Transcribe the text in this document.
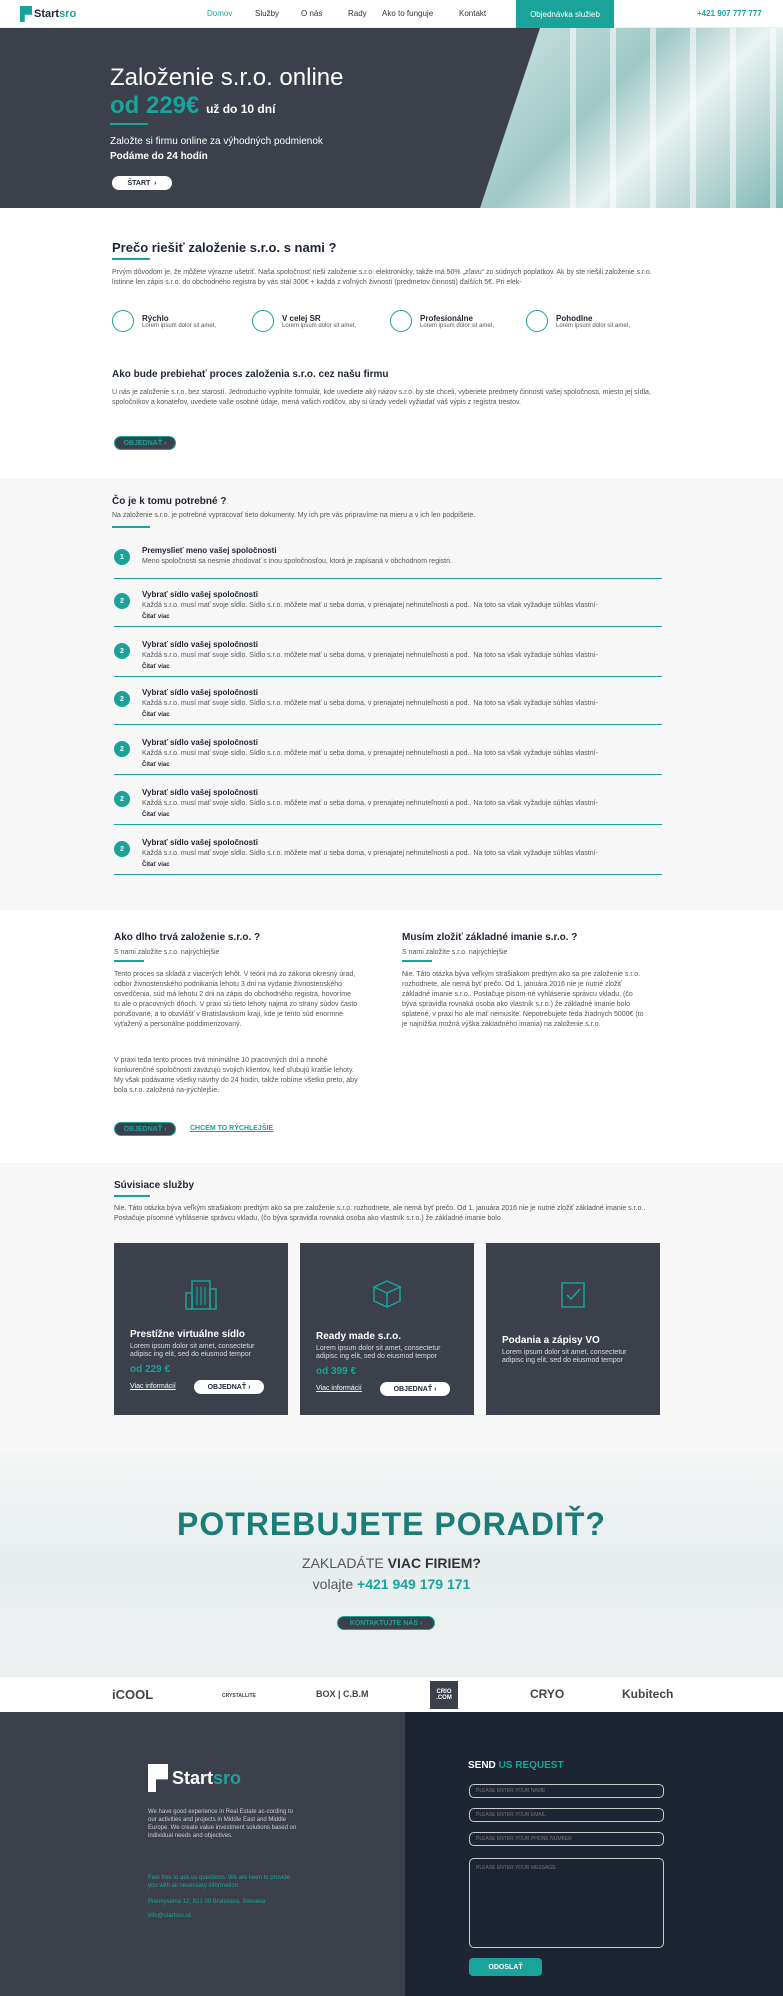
Startsro	Domov	Služby	O nás	Rady Ako to funguje	Kontakt	Objednávka služieb	+421 907 777 777
Založenie s.r.o. online
od 229€ už do 10 dní
Založte si firmu online za výhodných podmienok
Podáme do 24 hodín
ŠTART
›
Prečo riešiť založenie s.r.o. s nami ?

Prvým dôvodom je, že môžete výrazne ušetriť. Naša spoločnosť rieši založenie s.r.o. elektronicky, takže má 50% „zľavu“ zo súdnych poplatkov. Ak by ste riešili založenie s.r.o. listinne len zápis s.r.o. do obchodného registra by vás stál 300€ + každá z voľných živností (predmetov činnosti) ďalších 5€. Pri elek-

Rýchlo
Lorem ipsum dolor sit amet,
V celej SR
Lorem ipsum dolor sit amet,
Profesionálne
Lorem ipsum dolor sit amet,
Pohodlne
Lorem ipsum dolor sit amet,
Ako bude prebiehať proces založenia s.r.o. cez našu firmu

U nás je založenie s.r.o. bez starostí. Jednoducho vyplníte formulár, kde uvediete aký názov s.r.o. by ste chceli, vyberiete predmety činnosti vašej spoločnosti, miesto jej sídla, spoločníkov a konateľov, uvediete vaše osobné údaje, mená vašich rodičov, aby si úrady vedeli vyžiadať váš výpis z registra trestov.

OBJEDNAŤ
›
Čo je k tomu potrebné ?

Na založenie s.r.o. je potrebné vypracovať tieto dokumenty. My ich pre vás pripravíme na mieru a v ich len podpíšete.

1
Premyslieť meno vašej spoločnosti
Meno spoločnosti sa nesmie zhodovať s inou spoločnosťou, ktorá je zapísaná v obchodnom registri.
2
Vybrať sídlo vašej spoločnosti
Každá s.r.o. musí mať svoje sídlo. Sídlo s.r.o. môžete mať u seba doma, v prenajatej nehnuteľnosti a pod.. Na toto sa však vyžaduje súhlas vlastní-
Čítať viac
2
Vybrať sídlo vašej spoločnosti
Každá s.r.o. musí mať svoje sídlo. Sídlo s.r.o. môžete mať u seba doma, v prenajatej nehnuteľnosti a pod.. Na toto sa však vyžaduje súhlas vlastní-
Čítať viac
2
Vybrať sídlo vašej spoločnosti
Každá s.r.o. musí mať svoje sídlo. Sídlo s.r.o. môžete mať u seba doma, v prenajatej nehnuteľnosti a pod.. Na toto sa však vyžaduje súhlas vlastní-
Čítať viac
2
Vybrať sídlo vašej spoločnosti
Každá s.r.o. musí mať svoje sídlo. Sídlo s.r.o. môžete mať u seba doma, v prenajatej nehnuteľnosti a pod.. Na toto sa však vyžaduje súhlas vlastní-
Čítať viac
2
Vybrať sídlo vašej spoločnosti
Každá s.r.o. musí mať svoje sídlo. Sídlo s.r.o. môžete mať u seba doma, v prenajatej nehnuteľnosti a pod.. Na toto sa však vyžaduje súhlas vlastní-
Čítať viac
2
Vybrať sídlo vašej spoločnosti
Každá s.r.o. musí mať svoje sídlo. Sídlo s.r.o. môžete mať u seba doma, v prenajatej nehnuteľnosti a pod.. Na toto sa však vyžaduje súhlas vlastní-
Čítať viac
Ako dlho trvá založenie s.r.o. ?
S nami založíte s.r.o. najrýchlejšie

Tento proces sa skladá z viacerých lehôt. V teórii má zo zákona okresný úrad, odbor živnostenského podnikania lehotu 3 dni na vydanie živnostenského osvedčenia, súd má lehotu 2 dni na zápis do obchodného registra, hovoríme tu ale o pracovných dňoch. V praxi sú tieto lehoty najmä zo strany súdov často porušované, a to obzvlášť v Bratislavskom kraji, kde je tento súd enormne vyťažený a personálne poddimenzovaný.

V praxi teda tento proces trvá minimálne 10 pracovných dní a mnohé konkurenčné spoločnosti zaväzujú svojich klientov, keď sľubujú kratšie lehoty. My však podávame všetky návrhy do 24 hodín, takže robíme všetko preto, aby bola s.r.o. založená na-jrýchlejšie.

OBJEDNAŤ
›	CHCEM TO RÝCHLEJŠIE
Musím zložiť základné imanie s.r.o. ?
S nami založíte s.r.o. najrýchlejšie

Nie. Táto otázka býva veľkým strašiakom predtým ako sa pre založenie s.r.o. rozhodnete, ale nemá byť prečo. Od 1. januára 2016 nie je nutné zložiť základné imanie s.r.o.. Postačuje písom-né vyhlásenie správcu vkladu, (čo býva spravidla rovnaká osoba ako vlastník s.r.o.) že základné imanie bolo splatené, v praxi ho ale mať nemusíte. Nepotrebujete teda žiadnych 5000€ (to je najnižšia možná výška základného imania) na založenie s.r.o.

Súvisiace služby

Nie. Táto otázka býva veľkým strašiakom predtým ako sa pre založenie s.r.o. rozhodnete, ale nemá byť prečo. Od 1. januára 2016 nie je nutné zložiť základné imanie s.r.o.. Postačuje písomné vyhlásenie správcu vkladu, (čo býva spravidla rovnaká osoba ako vlastník s.r.o.) že základné imanie bolo

Prestížne virtuálne sídlo
Lorem ipsum dolor sit amet, consectetur adipisc ing elit, sed do eiusmod tempor
od 229 €
Viac informácií	OBJEDNAŤ
›
Ready made s.r.o.
Lorem ipsum dolor sit amet, consectetur adipisc ing elit, sed do eiusmod tempor
od 399 €
Viac informácií	OBJEDNAŤ
›
Podania a zápisy VO
Lorem ipsum dolor sit amet, consectetur adipisc ing elit, sed do eiusmod tempor
POTREBUJETE PORADIŤ?
ZAKLADÁTE VIAC FIRIEM?
volajte +421 949 179 171
KONTAKTUJTE NÁS
›
iCOOL	CRYSTALLITE	BOX | C.B.M	CRIO .COM	CRYO	Kubitech
Startsro

We have good experience in Real Estate ac-cording to our activities and projects in Middle East and Middle Europe. We create value investment solutions based on individual needs and objectives.

Feel free to ask us questions. We are keen to provide you with all necessary information.

Priemyselná 12, 821 09 Bratislava, Slovakia

info@startsro.sk

SEND US REQUEST
PLEASE ENTER YOUR NAME
PLEASE ENTER YOUR EMAIL
PLEASE ENTER YOUR PHONE NUMBER
PLEASE ENTER YOUR MESSAGE
ODOSLAŤ
